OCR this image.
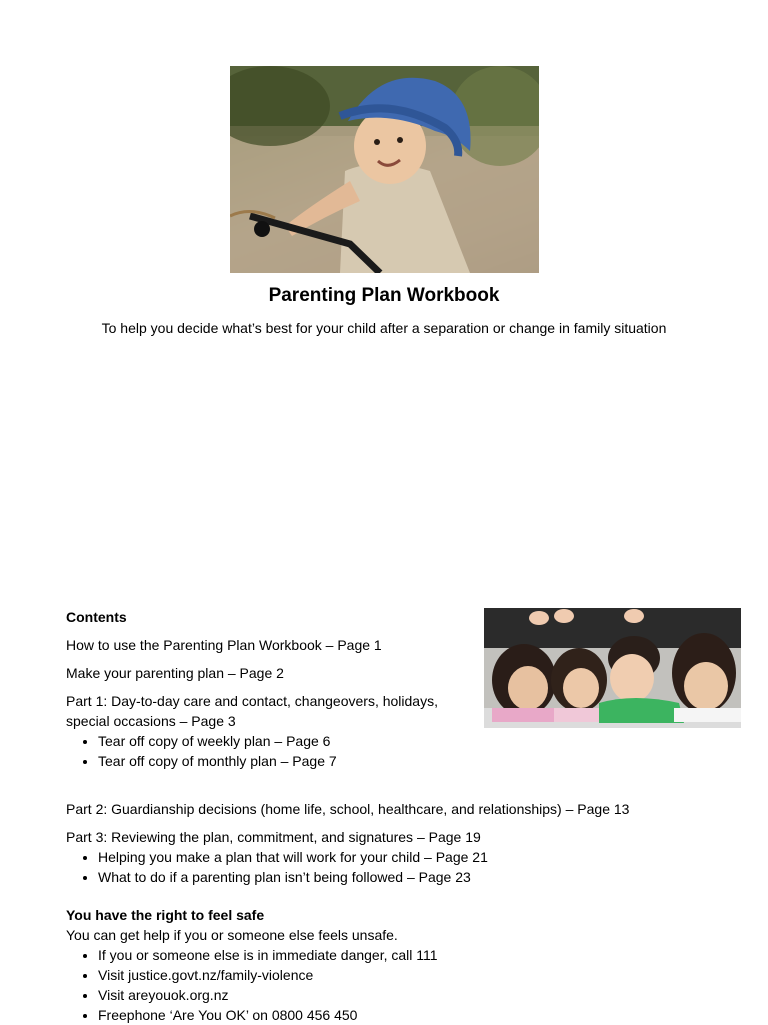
Parenting Plan Workbook
To help you decide what’s best for your child after a separation or change in family situation

Contents

How to use the Parenting Plan Workbook – Page 1

Make your parenting plan – Page 2

Part 1: Day-to-day care and contact, changeovers, holidays, special occasions – Page 3

• Tear off copy of weekly plan – Page 6
• Tear off copy of monthly plan – Page 7

Part 2: Guardianship decisions (home life, school, healthcare, and relationships) – Page 13

Part 3: Reviewing the plan, commitment, and signatures – Page 19

• Helping you make a plan that will work for your child – Page 21
• What to do if a parenting plan isn’t being followed – Page 23

You have the right to feel safe

You can get help if you or someone else feels unsafe.

• If you or someone else is in immediate danger, call 111
• Visit justice.govt.nz/family-violence
• Visit areyouok.org.nz
• Freephone ‘Are You OK’ on 0800 456 450
